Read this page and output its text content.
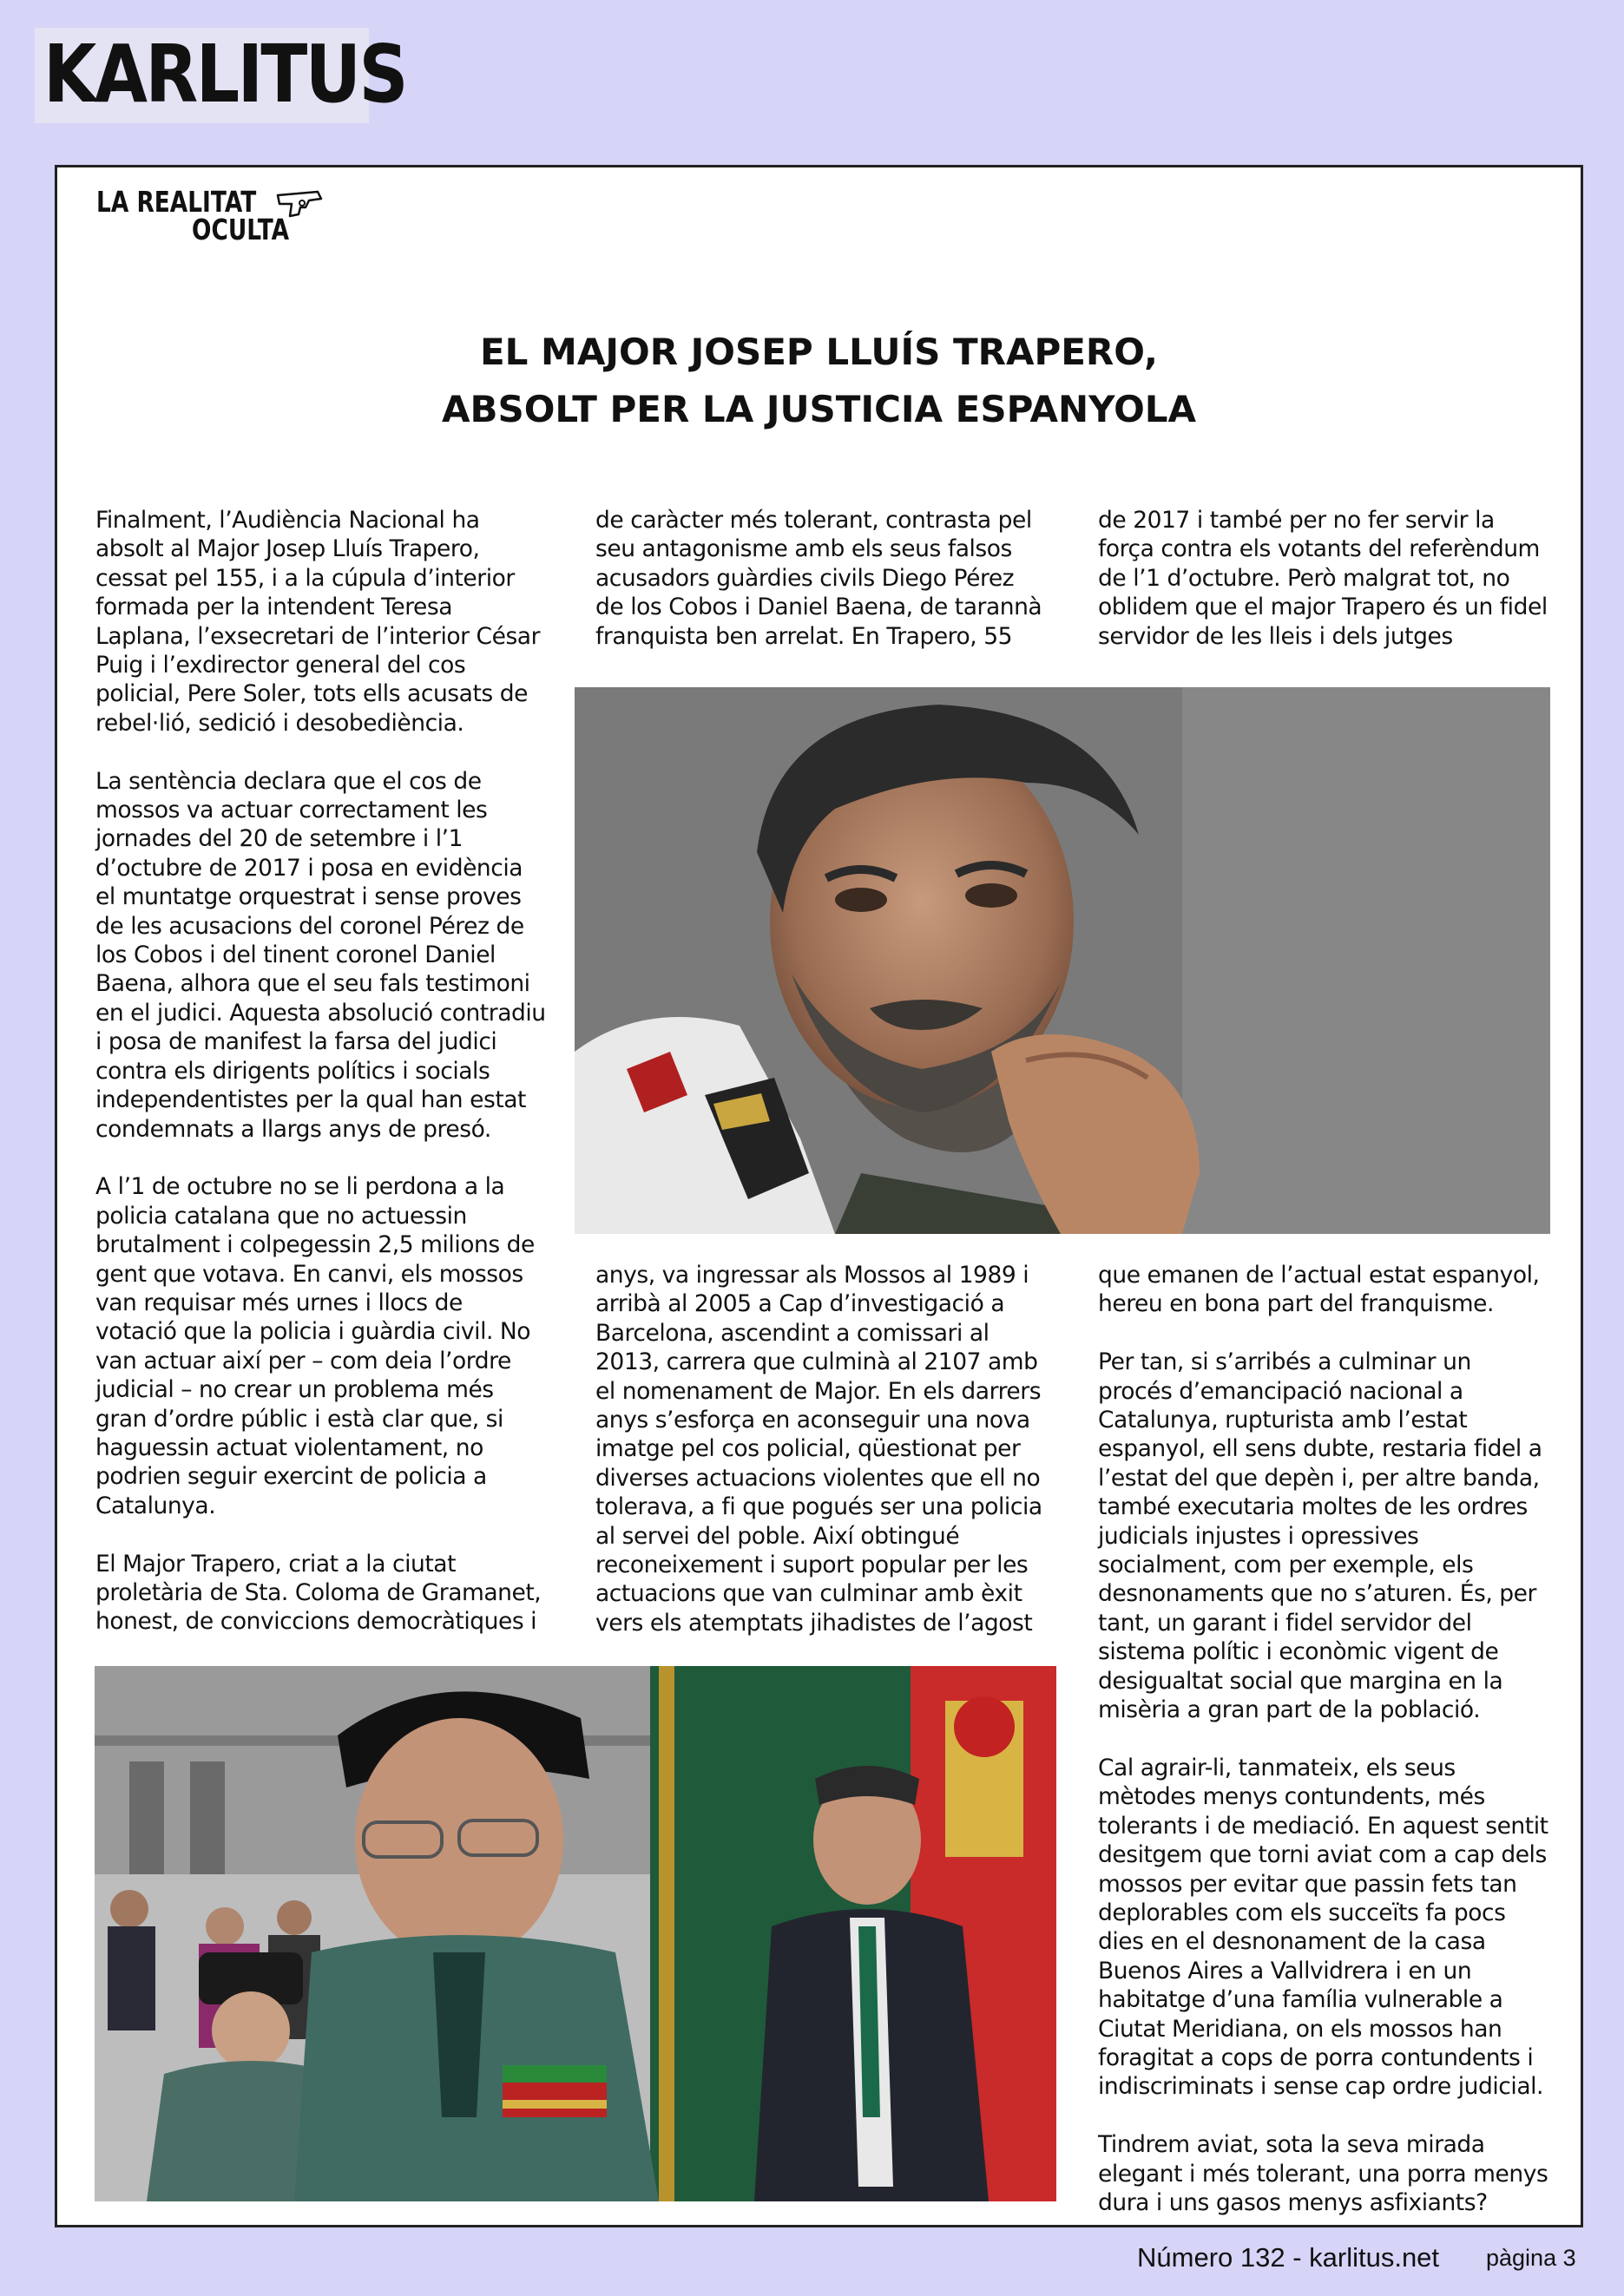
KARLITUS
LA REALITAT
OCULTA
EL MAJOR JOSEP LLUÍS TRAPERO,
ABSOLT PER LA JUSTICIA ESPANYOLA

Finalment, l’Audiència Nacional ha absolt al Major Josep Lluís Trapero, cessat pel 155, i a la cúpula d’interior formada per la intendent Teresa Laplana, l’exsecretari de l’interior César Puig i l’exdirector general del cos policial, Pere Soler, tots ells acusats de rebel·lió, sedició i desobediència.

La sentència declara que el cos de mossos va actuar correctament les jornades del 20 de setembre i l’1 d’octubre de 2017 i posa en evidència el muntatge orquestrat i sense proves de les acusacions del coronel Pérez de los Cobos i del tinent coronel Daniel Baena, alhora que el seu fals testimoni en el judici. Aquesta absolució contradiu i posa de manifest la farsa del judici contra els dirigents polítics i socials independentistes per la qual han estat condemnats a llargs anys de presó.

A l’1 de octubre no se li perdona a la policia catalana que no actuessin brutalment i colpegessin 2,5 milions de gent que votava. En canvi, els mossos van requisar més urnes i llocs de votació que la policia i guàrdia civil. No van actuar així per – com deia l’ordre judicial – no crear un problema més gran d’ordre públic i està clar que, si haguessin actuat violentament, no podrien seguir exercint de policia a Catalunya.

El Major Trapero, criat a la ciutat proletària de Sta. Coloma de Gramanet, honest, de conviccions democràtiques i

de caràcter més tolerant, contrasta pel seu antagonisme amb els seus falsos acusadors guàrdies civils Diego Pérez de los Cobos i Daniel Baena, de tarannà franquista ben arrelat. En Trapero, 55

de 2017 i també per no fer servir la força contra els votants del referèndum de l’1 d’octubre. Però malgrat tot, no oblidem que el major Trapero és un fidel servidor de les lleis i dels jutges

anys, va ingressar als Mossos al 1989 i arribà al 2005 a Cap d’investigació a Barcelona, ascendint a comissari al 2013, carrera que culminà al 2107 amb el nomenament de Major. En els darrers anys s’esforça en aconseguir una nova imatge pel cos policial, qüestionat per diverses actuacions violentes que ell no tolerava, a fi que pogués ser una policia al servei del poble. Així obtingué reconeixement i suport popular per les actuacions que van culminar amb èxit vers els atemptats jihadistes de l’agost

que emanen de l’actual estat espanyol, hereu en bona part del franquisme.

Per tan, si s’arribés a culminar un procés d’emancipació nacional a Catalunya, rupturista amb l’estat espanyol, ell sens dubte, restaria fidel a l’estat del que depèn i, per altre banda, també executaria moltes de les ordres judicials injustes i opressives socialment, com per exemple, els desnonaments que no s’aturen. És, per tant, un garant i fidel servidor del sistema polític i econòmic vigent de desigualtat social que margina en la misèria a gran part de la població.

Cal agrair-li, tanmateix, els seus mètodes menys contundents, més tolerants i de mediació. En aquest sentit desitgem que torni aviat com a cap dels mossos per evitar que passin fets tan deplorables com els succeïts fa pocs dies en el desnonament de la casa Buenos Aires a Vallvidrera i en un habitatge d’una família vulnerable a Ciutat Meridiana, on els mossos han foragitat a cops de porra contundents i indiscriminats i sense cap ordre judicial.

Tindrem aviat, sota la seva mirada elegant i més tolerant, una porra menys dura i uns gasos menys asfixiants?

Número 132 - karlitus.net pàgina 3
